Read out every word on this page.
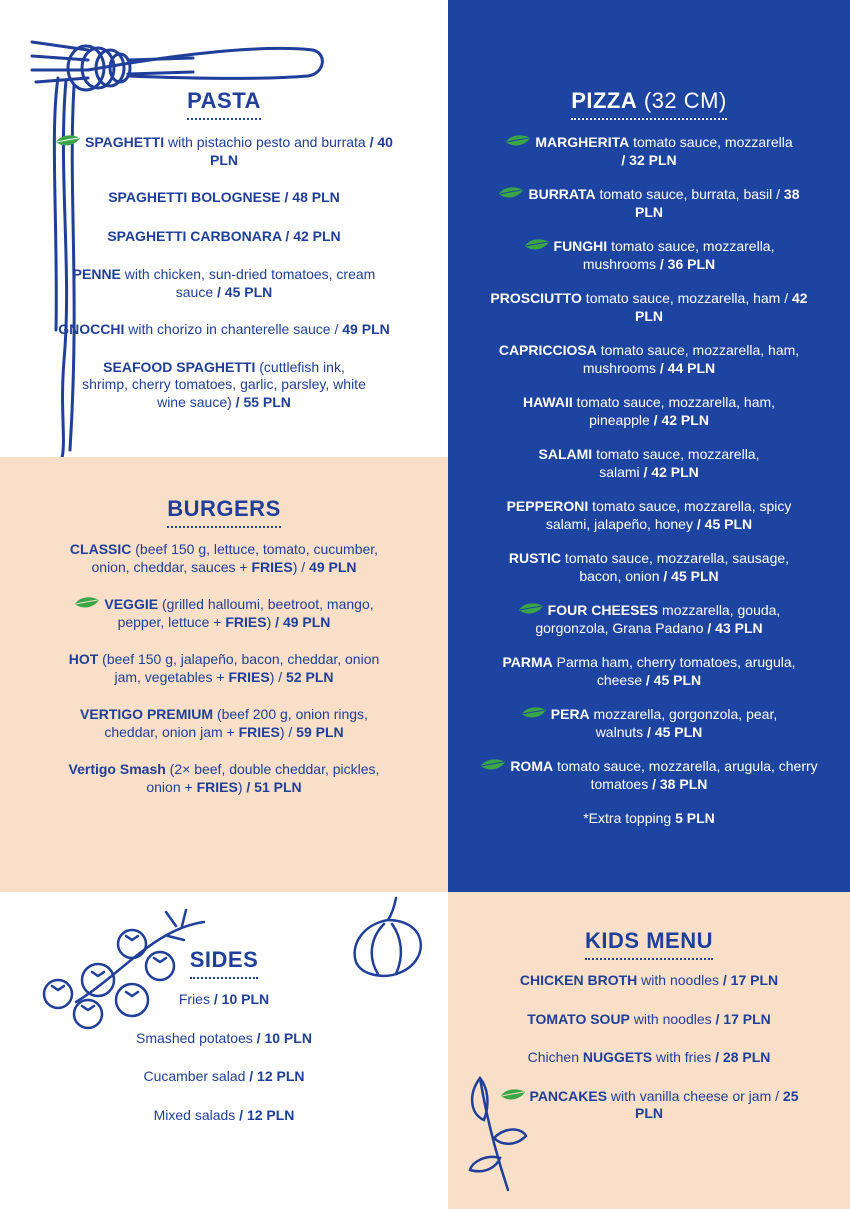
PASTA

SPAGHETTI with pistachio pesto and burrata / 40 PLN

SPAGHETTI BOLOGNESE / 48 PLN

SPAGHETTI CARBONARA / 42 PLN

PENNE with chicken, sun-dried tomatoes, cream sauce / 45 PLN

GNOCCHI with chorizo in chanterelle sauce / 49 PLN

SEAFOOD SPAGHETTI (cuttlefish ink, shrimp, cherry tomatoes, garlic, parsley, white wine sauce) / 55 PLN

BURGERS

CLASSIC (beef 150 g, lettuce, tomato, cucumber, onion, cheddar, sauces + FRIES) / 49 PLN

VEGGIE (grilled halloumi, beetroot, mango, pepper, lettuce + FRIES) / 49 PLN

HOT (beef 150 g, jalapeño, bacon, cheddar, onion jam, vegetables + FRIES) / 52 PLN

VERTIGO PREMIUM (beef 200 g, onion rings, cheddar, onion jam + FRIES) / 59 PLN

Vertigo Smash (2× beef, double cheddar, pickles, onion + FRIES) / 51 PLN

PIZZA (32 CM)

MARGHERITA tomato sauce, mozzarella / 32 PLN

BURRATA tomato sauce, burrata, basil / 38 PLN

FUNGHI tomato sauce, mozzarella, mushrooms / 36 PLN

PROSCIUTTO tomato sauce, mozzarella, ham / 42 PLN

CAPRICCIOSA tomato sauce, mozzarella, ham, mushrooms / 44 PLN

HAWAII tomato sauce, mozzarella, ham, pineapple / 42 PLN

SALAMI tomato sauce, mozzarella, salami / 42 PLN

PEPPERONI tomato sauce, mozzarella, spicy salami, jalapeño, honey / 45 PLN

RUSTIC tomato sauce, mozzarella, sausage, bacon, onion / 45 PLN

FOUR CHEESES mozzarella, gouda, gorgonzola, Grana Padano / 43 PLN

PARMA Parma ham, cherry tomatoes, arugula, cheese / 45 PLN

PERA mozzarella, gorgonzola, pear, walnuts / 45 PLN

ROMA tomato sauce, mozzarella, arugula, cherry tomatoes / 38 PLN

*Extra topping 5 PLN

SIDES

Fries / 10 PLN

Smashed potatoes / 10 PLN

Cucamber salad / 12 PLN

Mixed salads / 12 PLN

KIDS MENU

CHICKEN BROTH with noodles / 17 PLN

TOMATO SOUP with noodles / 17 PLN

Chichen NUGGETS with fries / 28 PLN

PANCAKES with vanilla cheese or jam / 25 PLN
